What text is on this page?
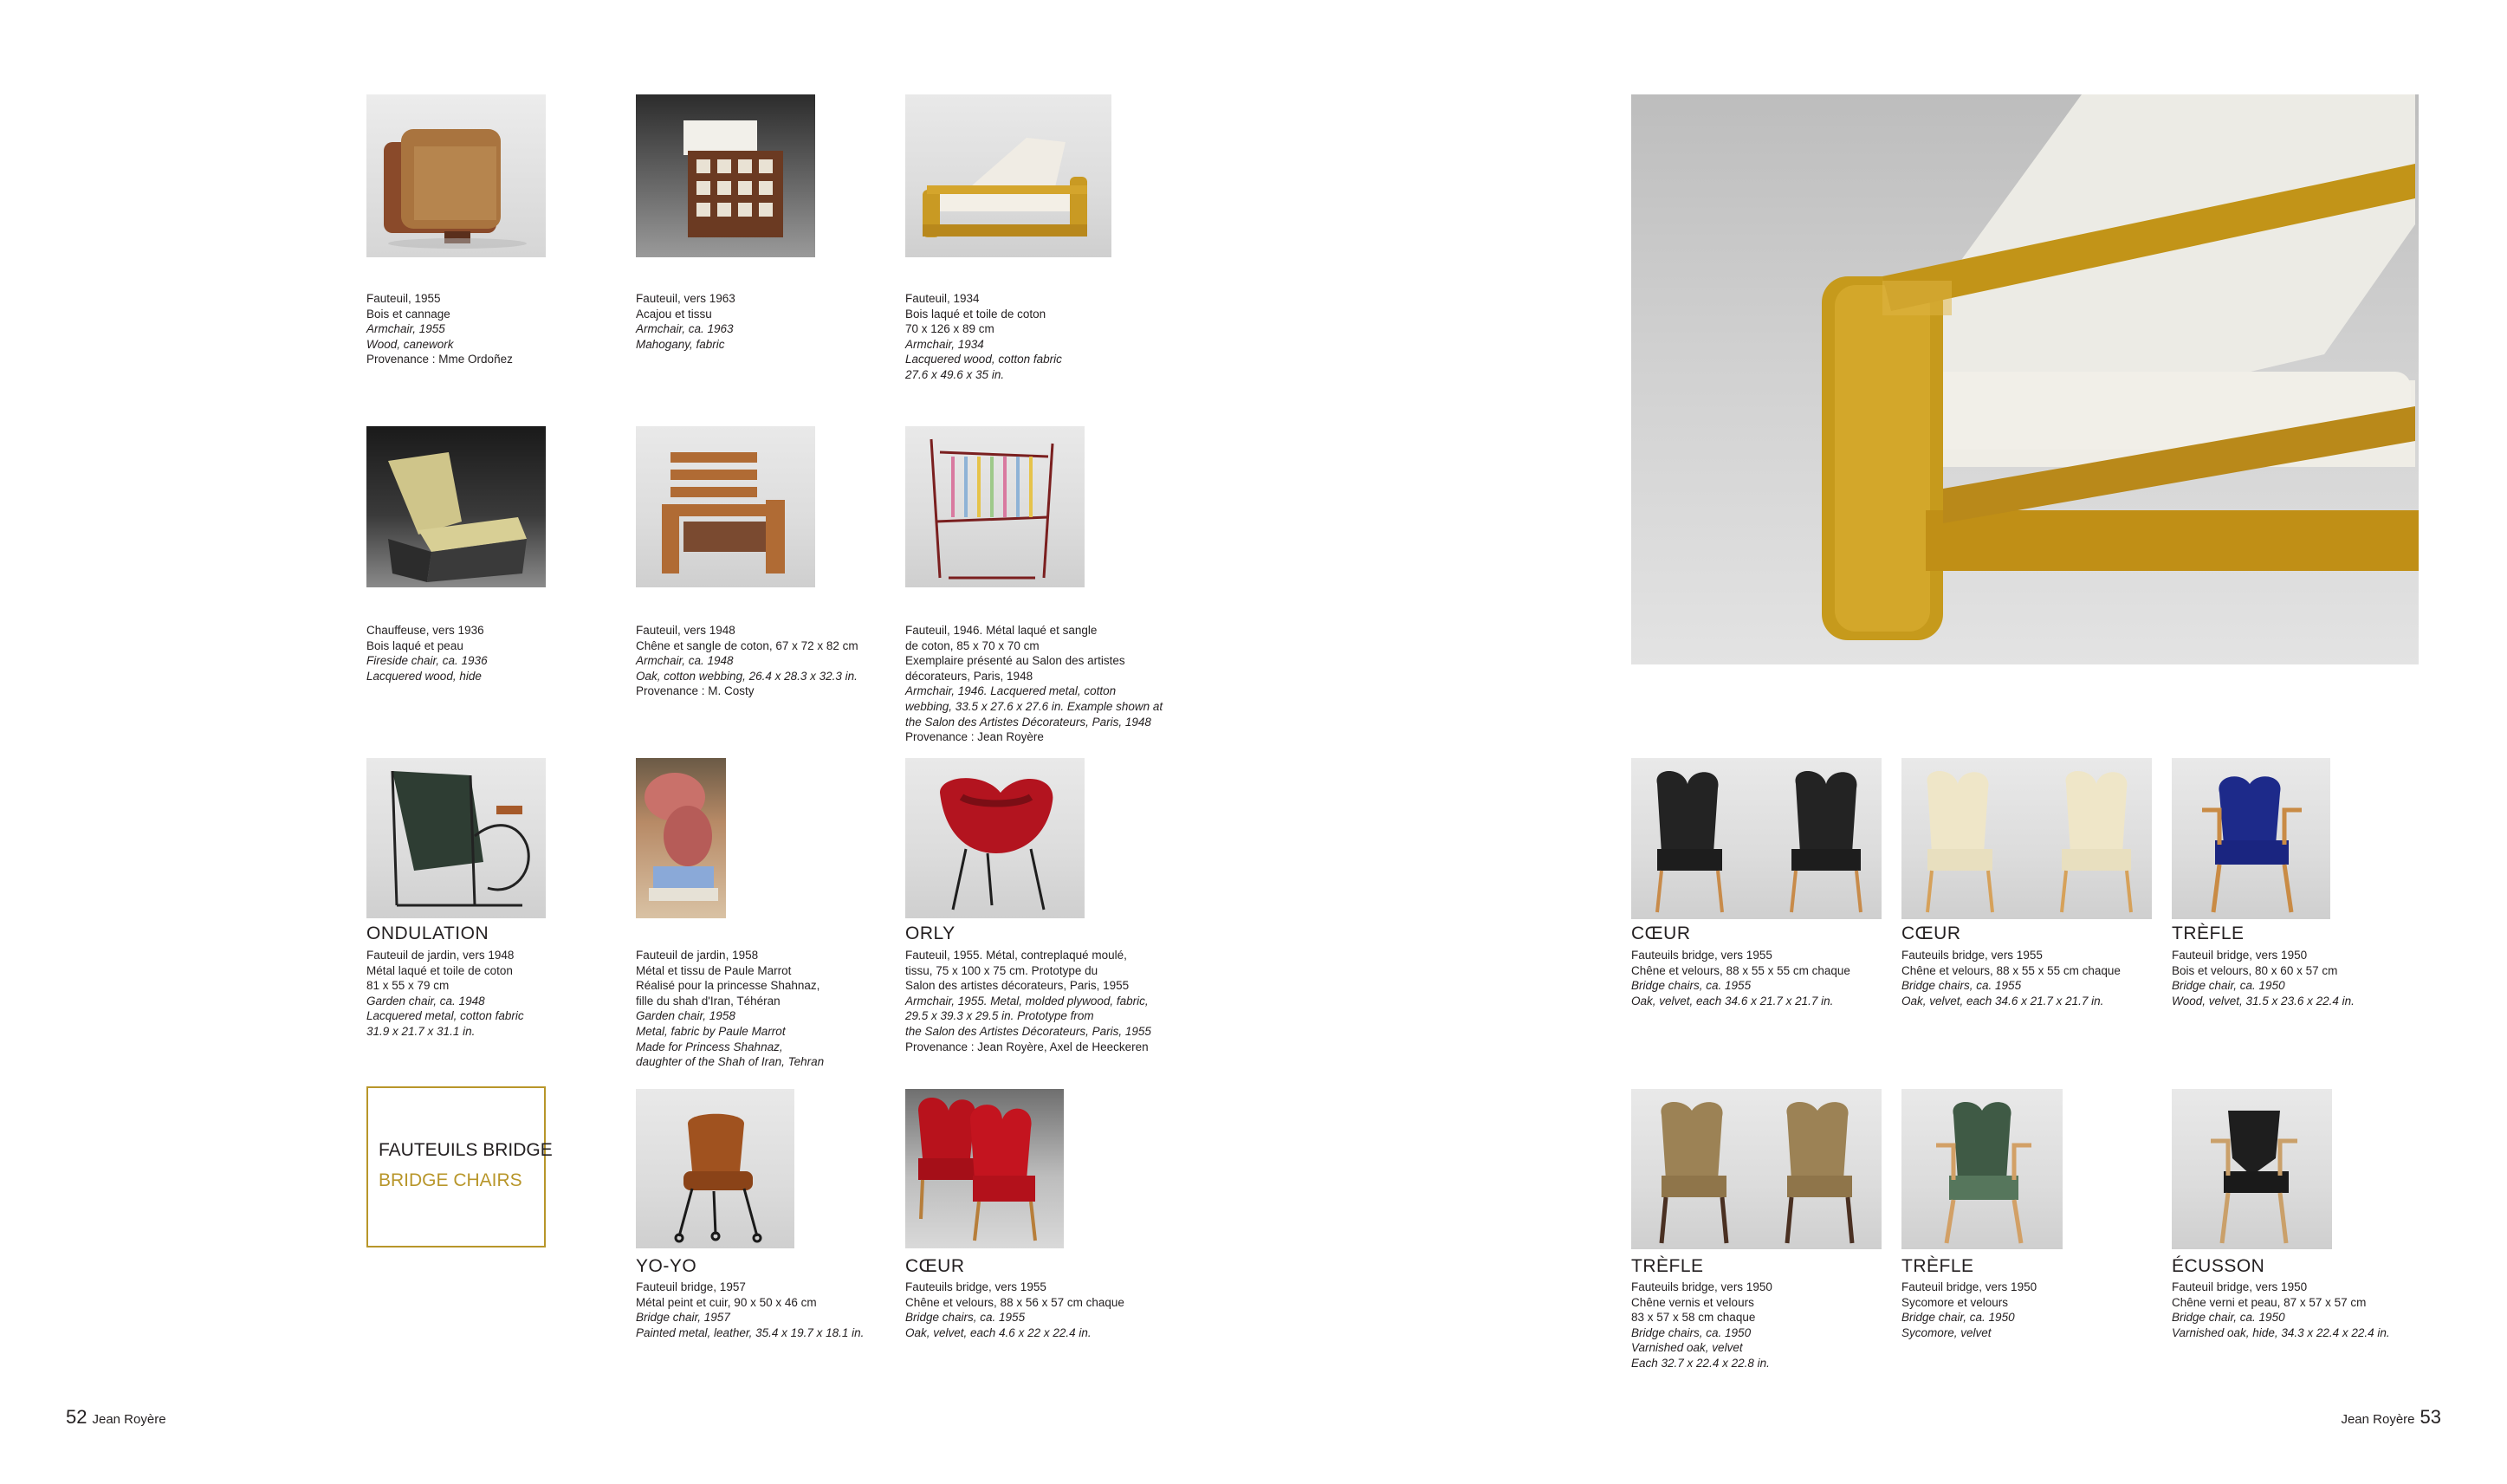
Fauteuil, 1955
Bois et cannage
Armchair, 1955
Wood, canework
Provenance : Mme Ordoñez
Fauteuil, vers 1963
Acajou et tissu
Armchair, ca. 1963
Mahogany, fabric
Fauteuil, 1934
Bois laqué et toile de coton
70 x 126 x 89 cm
Armchair, 1934
Lacquered wood, cotton fabric
27.6 x 49.6 x 35 in.
Chauffeuse, vers 1936
Bois laqué et peau
Fireside chair, ca. 1936
Lacquered wood, hide
Fauteuil, vers 1948
Chêne et sangle de coton, 67 x 72 x 82 cm
Armchair, ca. 1948
Oak, cotton webbing, 26.4 x 28.3 x 32.3 in.
Provenance : M. Costy
Fauteuil, 1946. Métal laqué et sangle
de coton, 85 x 70 x 70 cm
Exemplaire présenté au Salon des artistes
décorateurs, Paris, 1948
Armchair, 1946. Lacquered metal, cotton
webbing, 33.5 x 27.6 x 27.6 in. Example shown at
the Salon des Artistes Décorateurs, Paris, 1948
Provenance : Jean Royère
ONDULATION
Fauteuil de jardin, vers 1948
Métal laqué et toile de coton
81 x 55 x 79 cm
Garden chair, ca. 1948
Lacquered metal, cotton fabric
31.9 x 21.7 x 31.1 in.
Fauteuil de jardin, 1958
Métal et tissu de Paule Marrot
Réalisé pour la princesse Shahnaz,
fille du shah d'Iran, Téhéran
Garden chair, 1958
Metal, fabric by Paule Marrot
Made for Princess Shahnaz,
daughter of the Shah of Iran, Tehran
ORLY
Fauteuil, 1955. Métal, contreplaqué moulé,
tissu, 75 x 100 x 75 cm. Prototype du
Salon des artistes décorateurs, Paris, 1955
Armchair, 1955. Metal, molded plywood, fabric,
29.5 x 39.3 x 29.5 in. Prototype from
the Salon des Artistes Décorateurs, Paris, 1955
Provenance : Jean Royère, Axel de Heeckeren
FAUTEUILS BRIDGE
BRIDGE CHAIRS
YO-YO
Fauteuil bridge, 1957
Métal peint et cuir, 90 x 50 x 46 cm
Bridge chair, 1957
Painted metal, leather, 35.4 x 19.7 x 18.1 in.
CŒUR
Fauteuils bridge, vers 1955
Chêne et velours, 88 x 56 x 57 cm chaque
Bridge chairs, ca. 1955
Oak, velvet, each 4.6 x 22 x 22.4 in.
52 Jean Royère
CŒUR
Fauteuils bridge, vers 1955
Chêne et velours, 88 x 55 x 55 cm chaque
Bridge chairs, ca. 1955
Oak, velvet, each 34.6 x 21.7 x 21.7 in.
CŒUR
Fauteuils bridge, vers 1955
Chêne et velours, 88 x 55 x 55 cm chaque
Bridge chairs, ca. 1955
Oak, velvet, each 34.6 x 21.7 x 21.7 in.
TRÈFLE
Fauteuil bridge, vers 1950
Bois et velours, 80 x 60 x 57 cm
Bridge chair, ca. 1950
Wood, velvet, 31.5 x 23.6 x 22.4 in.
TRÈFLE
Fauteuils bridge, vers 1950
Chêne vernis et velours
83 x 57 x 58 cm chaque
Bridge chairs, ca. 1950
Varnished oak, velvet
Each 32.7 x 22.4 x 22.8 in.
TRÈFLE
Fauteuil bridge, vers 1950
Sycomore et velours
Bridge chair, ca. 1950
Sycomore, velvet
ÉCUSSON
Fauteuil bridge, vers 1950
Chêne verni et peau, 87 x 57 x 57 cm
Bridge chair, ca. 1950
Varnished oak, hide, 34.3 x 22.4 x 22.4 in.
Jean Royère 53
